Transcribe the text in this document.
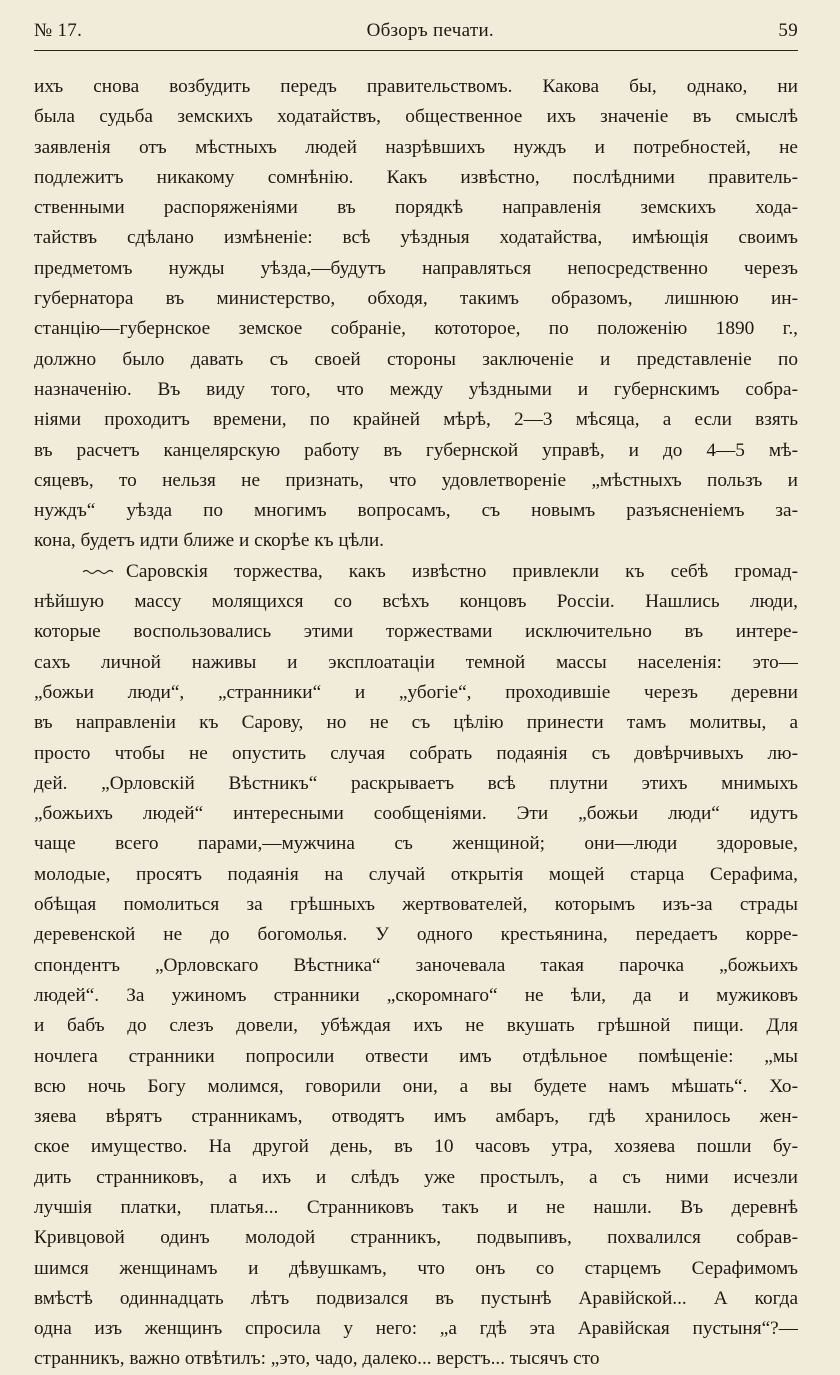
№ 17.	Обзоръ печати.	59
ихъ снова возбудить передъ правительствомъ. Какова бы, однако, ни
была судьба земскихъ ходатайствъ, общественное ихъ значеніе въ смыслѣ
заявленія отъ мѣстныхъ людей назрѣвшихъ нуждъ и потребностей, не
подлежитъ никакому сомнѣнію. Какъ извѣстно, послѣдними правитель-
ственными распоряженіями въ порядкѣ направленія земскихъ хода-
тайствъ сдѣлано измѣненіе: всѣ уѣздныя ходатайства, имѣющія своимъ
предметомъ нужды уѣзда,—будутъ направляться непосредственно черезъ
губернатора въ министерство, обходя, такимъ образомъ, лишнюю ин-
станцію—губернское земское собраніе, кототорое, по положенію 1890 г.,
должно было давать съ своей стороны заключеніе и представленіе по
назначенію. Въ виду того, что между уѣздными и губернскимъ собра-
ніями проходитъ времени, по крайней мѣрѣ, 2—3 мѣсяца, а если взять
въ расчетъ канцелярскую работу въ губернской управѣ, и до 4—5 мѣ-
сяцевъ, то нельзя не признать, что удовлетвореніе „мѣстныхъ пользъ и
нуждъ“ уѣзда по многимъ вопросамъ, съ новымъ разъясненіемъ за-
кона, будетъ идти ближе и скорѣе къ цѣли.
Саровскія торжества, какъ извѣстно привлекли къ себѣ громад-
нѣйшую массу молящихся со всѣхъ концовъ Россіи. Нашлись люди,
которые воспользовались этими торжествами исключительно въ интере-
сахъ личной наживы и эксплоатаціи темной массы населенія: это—
„божьи люди“, „странники“ и „убогіе“, проходившіе черезъ деревни
въ направленіи къ Сарову, но не съ цѣлію принести тамъ молитвы, а
просто чтобы не опустить случая собрать подаянія съ довѣрчивыхъ лю-
дей. „Орловскій Вѣстникъ“ раскрываетъ всѣ плутни этихъ мнимыхъ
„божьихъ людей“ интересными сообщеніями. Эти „божьи люди“ идутъ
чаще всего парами,—мужчина съ женщиной; они—люди здоровые,
молодые, просятъ подаянія на случай открытія мощей старца Серафима,
обѣщая помолиться за грѣшныхъ жертвователей, которымъ изъ-за страды
деревенской не до богомолья. У одного крестьянина, передаетъ корре-
спондентъ „Орловскаго Вѣстника“ заночевала такая парочка „божьихъ
людей“. За ужиномъ странники „скоромнаго“ не ѣли, да и мужиковъ
и бабъ до слезъ довели, убѣждая ихъ не вкушать грѣшной пищи. Для
ночлега странники попросили отвести имъ отдѣльное помѣщеніе: „мы
всю ночь Богу молимся, говорили они, а вы будете намъ мѣшать“. Хо-
зяева вѣрятъ странникамъ, отводятъ имъ амбаръ, гдѣ хранилось жен-
ское имущество. На другой день, въ 10 часовъ утра, хозяева пошли бу-
дить странниковъ, а ихъ и слѣдъ уже простылъ, а съ ними исчезли
лучшія платки, платья... Странниковъ такъ и не нашли. Въ деревнѣ
Кривцовой одинъ молодой странникъ, подвыпивъ, похвалился собрав-
шимся женщинамъ и дѣвушкамъ, что онъ со старцемъ Серафимомъ
вмѣстѣ одиннадцать лѣтъ подвизался въ пустынѣ Аравійской... А когда
одна изъ женщинъ спросила у него: „а гдѣ эта Аравійская пустыня“?—
странникъ, важно отвѣтилъ: „это, чадо, далеко... верстъ... тысячъ сто
